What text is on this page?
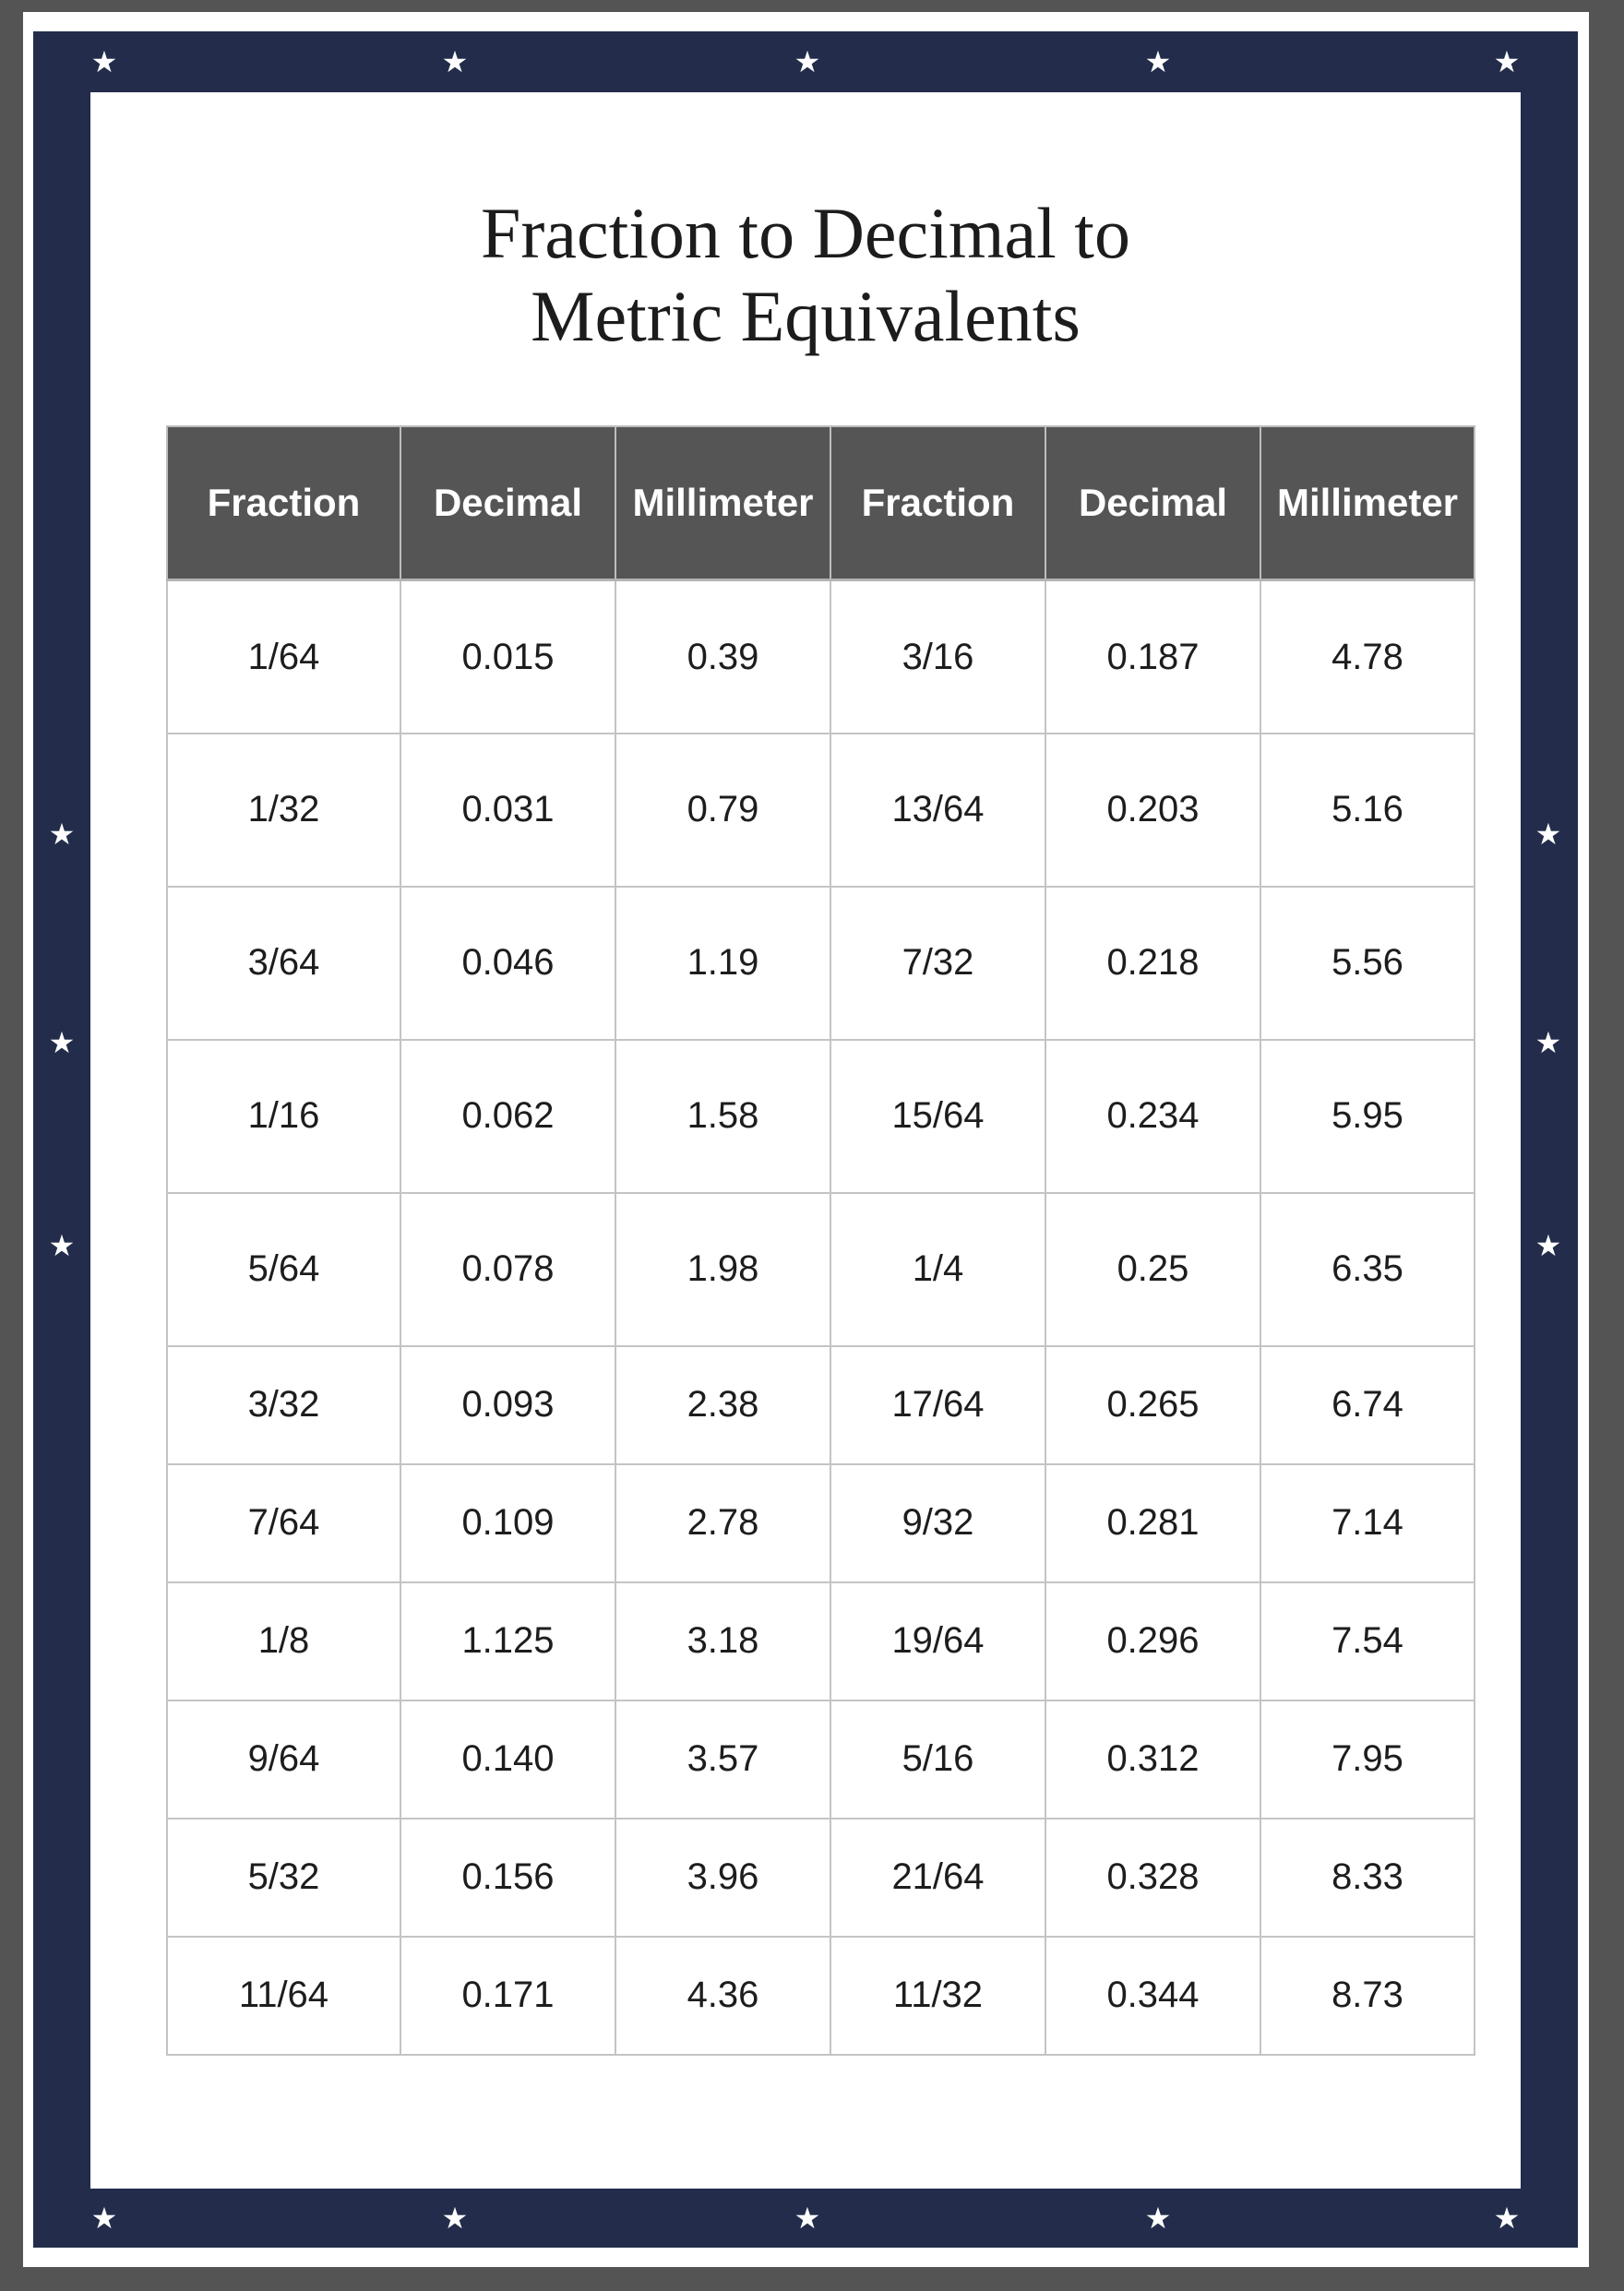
★	★	★	★	★
★	★	★	★	★
★
★
★
★
★
★
Fraction to Decimal to
Metric Equivalents
Fraction	Decimal	Millimeter	Fraction	Decimal	Millimeter
1/64	0.015	0.39	3/16	0.187	4.78
1/32	0.031	0.79	13/64	0.203	5.16
3/64	0.046	1.19	7/32	0.218	5.56
1/16	0.062	1.58	15/64	0.234	5.95
5/64	0.078	1.98	1/4	0.25	6.35
3/32	0.093	2.38	17/64	0.265	6.74
7/64	0.109	2.78	9/32	0.281	7.14
1/8	1.125	3.18	19/64	0.296	7.54
9/64	0.140	3.57	5/16	0.312	7.95
5/32	0.156	3.96	21/64	0.328	8.33
11/64	0.171	4.36	11/32	0.344	8.73
